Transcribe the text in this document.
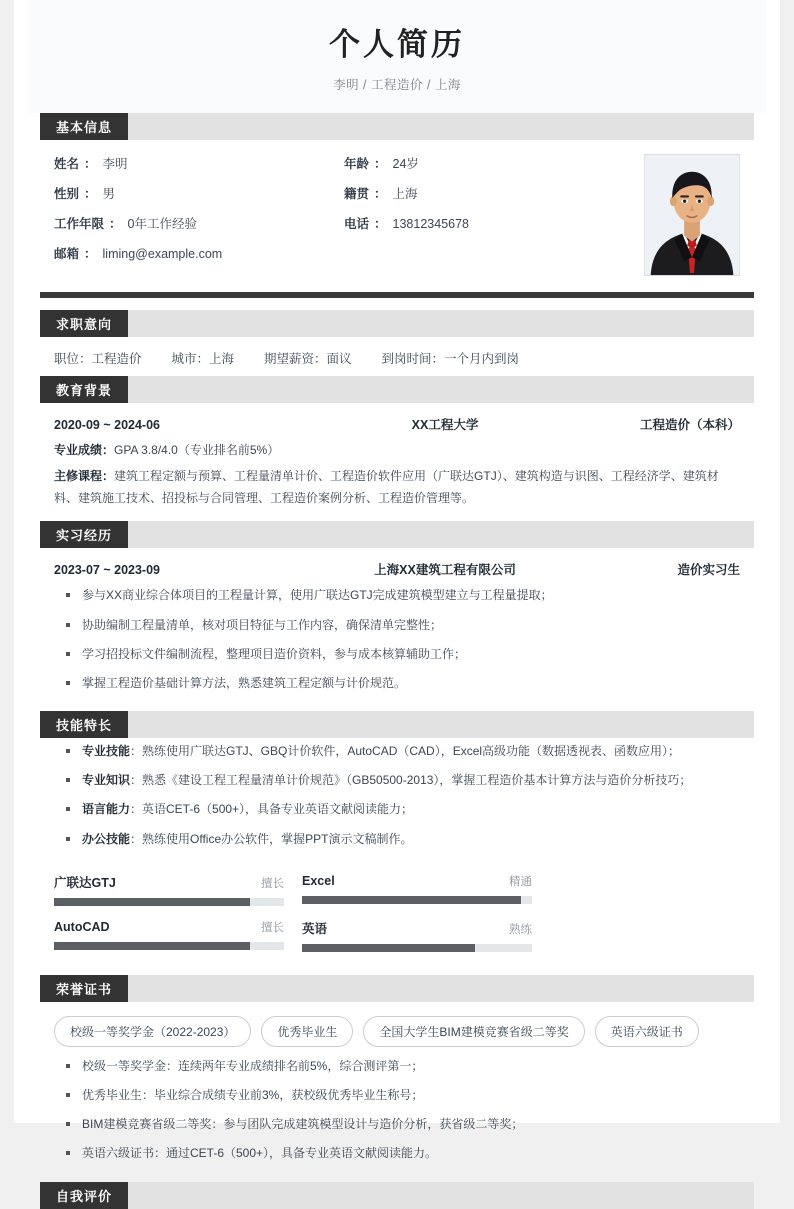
个人简历
李明 / 工程造价 / 上海
基本信息
姓名 ： 李明
性别 ： 男
工作年限 ： 0年工作经验
邮箱 ： liming@example.com
年龄 ： 24岁
籍贯 ： 上海
电话 ： 13812345678
求职意向
职位：工程造价 城市：上海 期望薪资：面议 到岗时间：一个月内到岗
教育背景
2020-09 ~ 2024-06	XX工程大学	工程造价（本科）
专业成绩：GPA 3.8/4.0（专业排名前5%）
主修课程：建筑工程定额与预算、工程量清单计价、工程造价软件应用（广联达GTJ）、建筑构造与识图、工程经济学、建筑材料、建筑施工技术、招投标与合同管理、工程造价案例分析、工程造价管理等。
实习经历
2023-07 ~ 2023-09	上海XX建筑工程有限公司	造价实习生
参与XX商业综合体项目的工程量计算，使用广联达GTJ完成建筑模型建立与工程量提取；
协助编制工程量清单，核对项目特征与工作内容，确保清单完整性；
学习招投标文件编制流程，整理项目造价资料，参与成本核算辅助工作；
掌握工程造价基础计算方法，熟悉建筑工程定额与计价规范。
技能特长
专业技能：熟练使用广联达GTJ、GBQ计价软件，AutoCAD（CAD），Excel高级功能（数据透视表、函数应用）；
专业知识：熟悉《建设工程工程量清单计价规范》（GB50500-2013），掌握工程造价基本计算方法与造价分析技巧；
语言能力：英语CET-6（500+），具备专业英语文献阅读能力；
办公技能：熟练使用Office办公软件，掌握PPT演示文稿制作。
广联达GTJ	擅长 Excel	精通
AutoCAD	擅长 英语	熟练
荣誉证书
校级一等奖学金（2022-2023）	优秀毕业生	全国大学生BIM建模竞赛省级二等奖	英语六级证书
校级一等奖学金：连续两年专业成绩排名前5%，综合测评第一；
优秀毕业生：毕业综合成绩专业前3%，获校级优秀毕业生称号；
BIM建模竞赛省级二等奖：参与团队完成建筑模型设计与造价分析，获省级二等奖；
英语六级证书：通过CET-6（500+），具备专业英语文献阅读能力。
自我评价
